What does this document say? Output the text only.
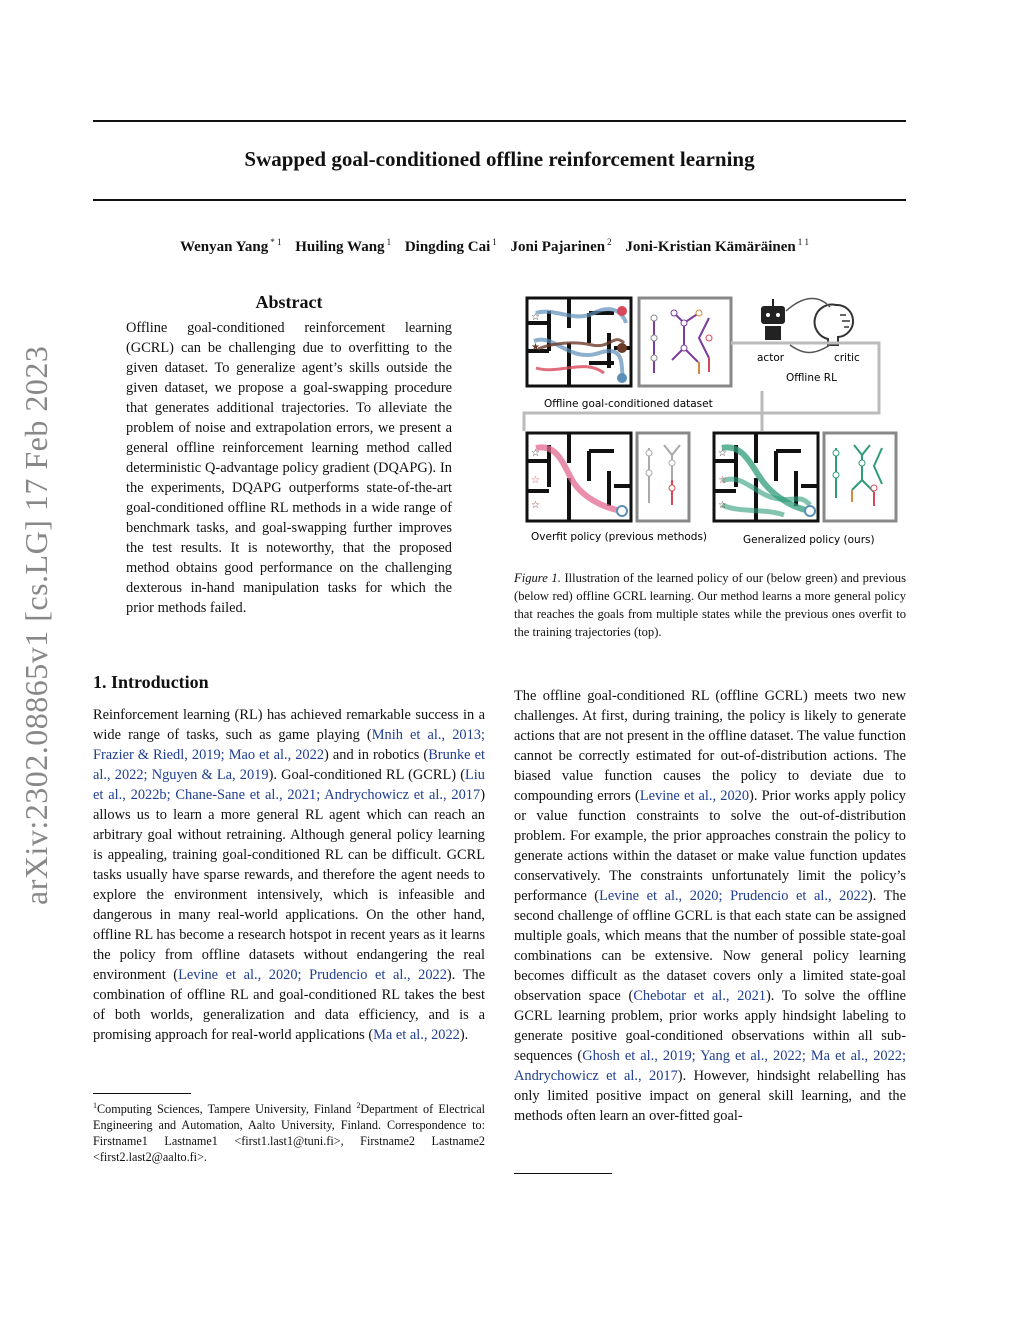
Swapped goal-conditioned offline reinforcement learning
Wenyan Yang $^{* 1}$ Huiling Wang $^1$ Dingding Cai $^1$ Joni Pajarinen $^2$ Joni-Kristian Kämäräinen $^{1 1}$
arXiv:2302.08865v1 [cs.LG] 17 Feb 2023
Abstract
Offline goal-conditioned reinforcement learning (GCRL) can be challenging due to overfitting to the given dataset. To generalize agent’s skills outside the given dataset, we propose a goal-swapping procedure that generates additional trajectories. To alleviate the problem of noise and extrapolation errors, we present a general offline reinforcement learning method called deterministic Q-advantage policy gradient (DQAPG). In the experiments, DQAPG outperforms state-of-the-art goal-conditioned offline RL methods in a wide range of benchmark tasks, and goal-swapping further improves the test results. It is noteworthy, that the proposed method obtains good performance on the challenging dexterous in-hand manipulation tasks for which the prior methods failed.
1. Introduction
Reinforcement learning (RL) has achieved remarkable success in a wide range of tasks, such as game playing (Mnih et al., 2013; Frazier & Riedl, 2019; Mao et al., 2022) and in robotics (Brunke et al., 2022; Nguyen & La, 2019). Goal-conditioned RL (GCRL) (Liu et al., 2022b; Chane-Sane et al., 2021; Andrychowicz et al., 2017) allows us to learn a more general RL agent which can reach an arbitrary goal without retraining. Although general policy learning is appealing, training goal-conditioned RL can be difficult. GCRL tasks usually have sparse rewards, and therefore the agent needs to explore the environment intensively, which is infeasible and dangerous in many real-world applications. On the other hand, offline RL has become a research hotspot in recent years as it learns the policy from offline datasets without endangering the real environment (Levine et al., 2020; Prudencio et al., 2022). The combination of offline RL and goal-conditioned RL takes the best of both worlds, generalization and data efficiency, and is a promising approach for real-world applications (Ma et al., 2022).
$^1$Computing Sciences, Tampere University, Finland $^2$Department of Electrical Engineering and Automation, Aalto University, Finland. Correspondence to: Firstname1 Lastname1 <first1.last1@tuni.fi>, Firstname2 Lastname2 <first2.last2@aalto.fi>.
☆
★
actor	critic
Offline RL
Offline goal-conditioned dataset
☆
☆
☆
☆
☆
☆
Overfit policy (previous methods)	Generalized policy (ours)
Figure 1. Illustration of the learned policy of our (below green) and previous (below red) offline GCRL learning. Our method learns a more general policy that reaches the goals from multiple states while the previous ones overfit to the training trajectories (top).
The offline goal-conditioned RL (offline GCRL) meets two new challenges. At first, during training, the policy is likely to generate actions that are not present in the offline dataset. The value function cannot be correctly estimated for out-of-distribution actions. The biased value function causes the policy to deviate due to compounding errors (Levine et al., 2020). Prior works apply policy or value function constraints to solve the out-of-distribution problem. For example, the prior approaches constrain the policy to generate actions within the dataset or make value function updates conservatively. The constraints unfortunately limit the policy’s performance (Levine et al., 2020; Prudencio et al., 2022). The second challenge of offline GCRL is that each state can be assigned multiple goals, which means that the number of possible state-goal combinations can be extensive. Now general policy learning becomes difficult as the dataset covers only a limited state-goal observation space (Chebotar et al., 2021). To solve the offline GCRL learning problem, prior works apply hindsight labeling to generate positive goal-conditioned observations within all sub-sequences (Ghosh et al., 2019; Yang et al., 2022; Ma et al., 2022; Andrychowicz et al., 2017). However, hindsight relabelling has only limited positive impact on general skill learning, and the methods often learn an over-fitted goal-
